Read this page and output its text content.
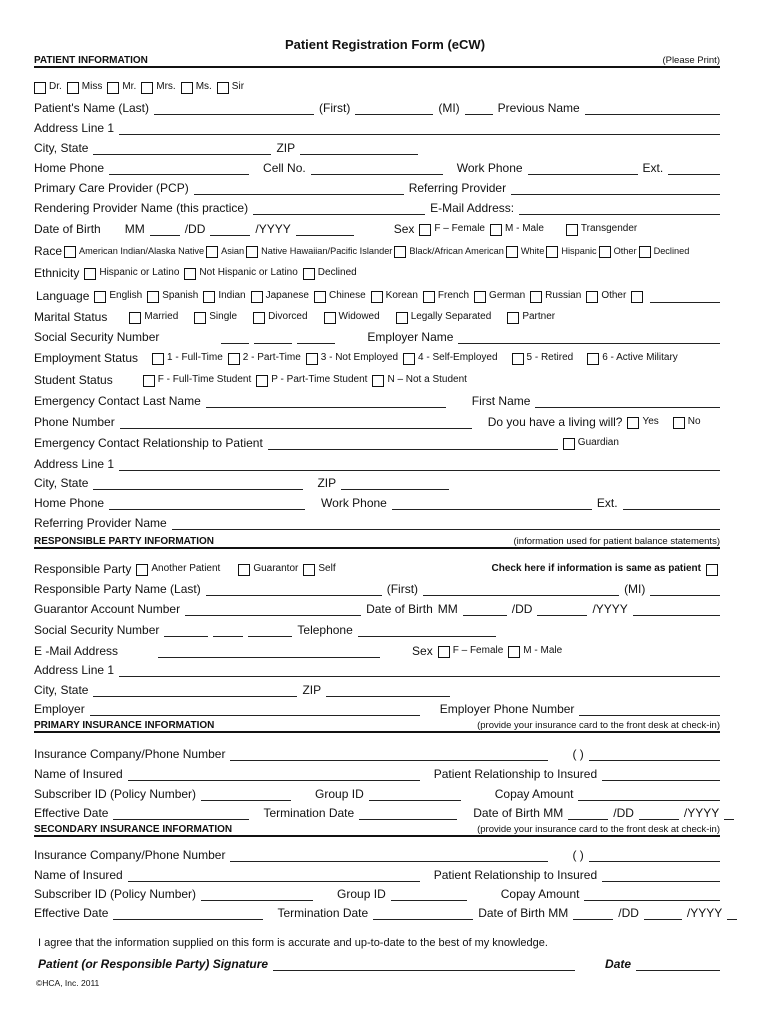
Patient Registration Form (eCW)
PATIENT INFORMATION	(Please Print)
Dr. Miss Mr. Mrs. Ms. Sir
Patient's Name (Last)	(First)	(MI)	Previous Name
Address Line 1
City, State	ZIP
Home Phone	Cell No.	Work Phone	Ext.
Primary Care Provider (PCP)	Referring Provider
Rendering Provider Name (this practice)	E-Mail Address:
Date of Birth MM	/DD	/YYYY	Sex F – Female M - Male	Transgender
Race American Indian/Alaska Native Asian Native Hawaiian/Pacific Islander Black/African American White Hispanic Other Declined
Ethnicity Hispanic or Latino Not Hispanic or Latino Declined
Language English Spanish Indian Japanese Chinese Korean French German Russian Other
Marital Status	Married	Single	Divorced	Widowed	Legally Separated	Partner
Social Security Number	Employer Name
Employment Status	1 - Full-Time 2 - Part-Time 3 - Not Employed 4 - Self-Employed	5 - Retired	6 - Active Military
Student Status	F - Full-Time Student P - Part-Time Student N – Not a Student
Emergency Contact Last Name	First Name
Phone Number	Do you have a living will? Yes	No
Emergency Contact Relationship to Patient	Guardian
Address Line 1
City, State	ZIP
Home Phone	Work Phone	Ext.
Referring Provider Name
RESPONSIBLE PARTY INFORMATION	(information used for patient balance statements)
Responsible Party Another Patient	Guarantor Self	Check here if information is same as patient
Responsible Party Name (Last)	(First)	(MI)
Guarantor Account Number	Date of Birth MM	/DD	/YYYY
Social Security Number	Telephone
E -Mail Address	Sex F – Female M - Male
Address Line 1
City, State	ZIP
Employer	Employer Phone Number
PRIMARY INSURANCE INFORMATION	(provide your insurance card to the front desk at check-in)
Insurance Company/Phone Number	( )
Name of Insured	Patient Relationship to Insured
Subscriber ID (Policy Number)	Group ID	Copay Amount
Effective Date	Termination Date	Date of Birth MM	/DD	/YYYY
SECONDARY INSURANCE INFORMATION	(provide your insurance card to the front desk at check-in)
Insurance Company/Phone Number	( )
Name of Insured	Patient Relationship to Insured
Subscriber ID (Policy Number)	Group ID	Copay Amount
Effective Date	Termination Date	Date of Birth MM	/DD	/YYYY
I agree that the information supplied on this form is accurate and up-to-date to the best of my knowledge.
Patient (or Responsible Party) Signature	Date
©HCA, Inc. 2011
